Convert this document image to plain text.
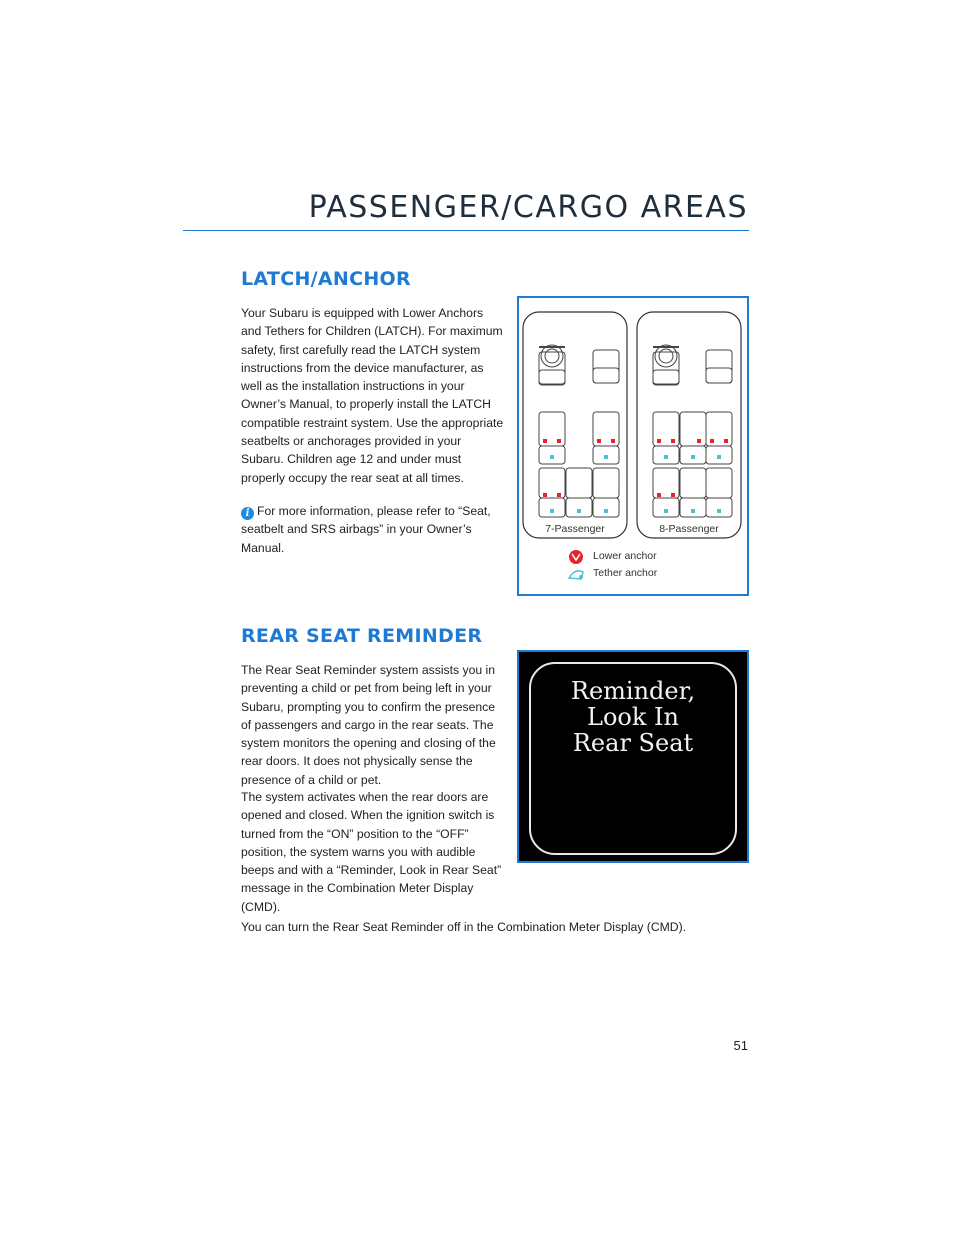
PASSENGER/CARGO AREAS
LATCH/ANCHOR

Your Subaru is equipped with Lower Anchors and Tethers for Children (LATCH). For maximum safety, first carefully read the LATCH system instructions from the device manufacturer, as well as the installation instructions in your Owner’s Manual, to properly install the LATCH compatible restraint system. Use the appropriate seatbelts or anchorages provided in your Subaru. Children age 12 and under must properly occupy the rear seat at all times.

i For more information, please refer to “Seat, seatbelt and SRS airbags” in your Owner’s Manual.

7-Passenger	8-Passenger
Lower anchor
Tether anchor
REAR SEAT REMINDER

The Rear Seat Reminder system assists you in preventing a child or pet from being left in your Subaru, prompting you to confirm the presence of passengers and cargo in the rear seats. The system monitors the opening and closing of the rear doors. It does not physically sense the presence of a child or pet.

The system activates when the rear doors are opened and closed. When the ignition switch is turned from the “ON” position to the “OFF” position, the system warns you with audible beeps and with a “Reminder, Look in Rear Seat” message in the Combination Meter Display (CMD).

Reminder,
Look In
Rear Seat

You can turn the Rear Seat Reminder off in the Combination Meter Display (CMD).

51
